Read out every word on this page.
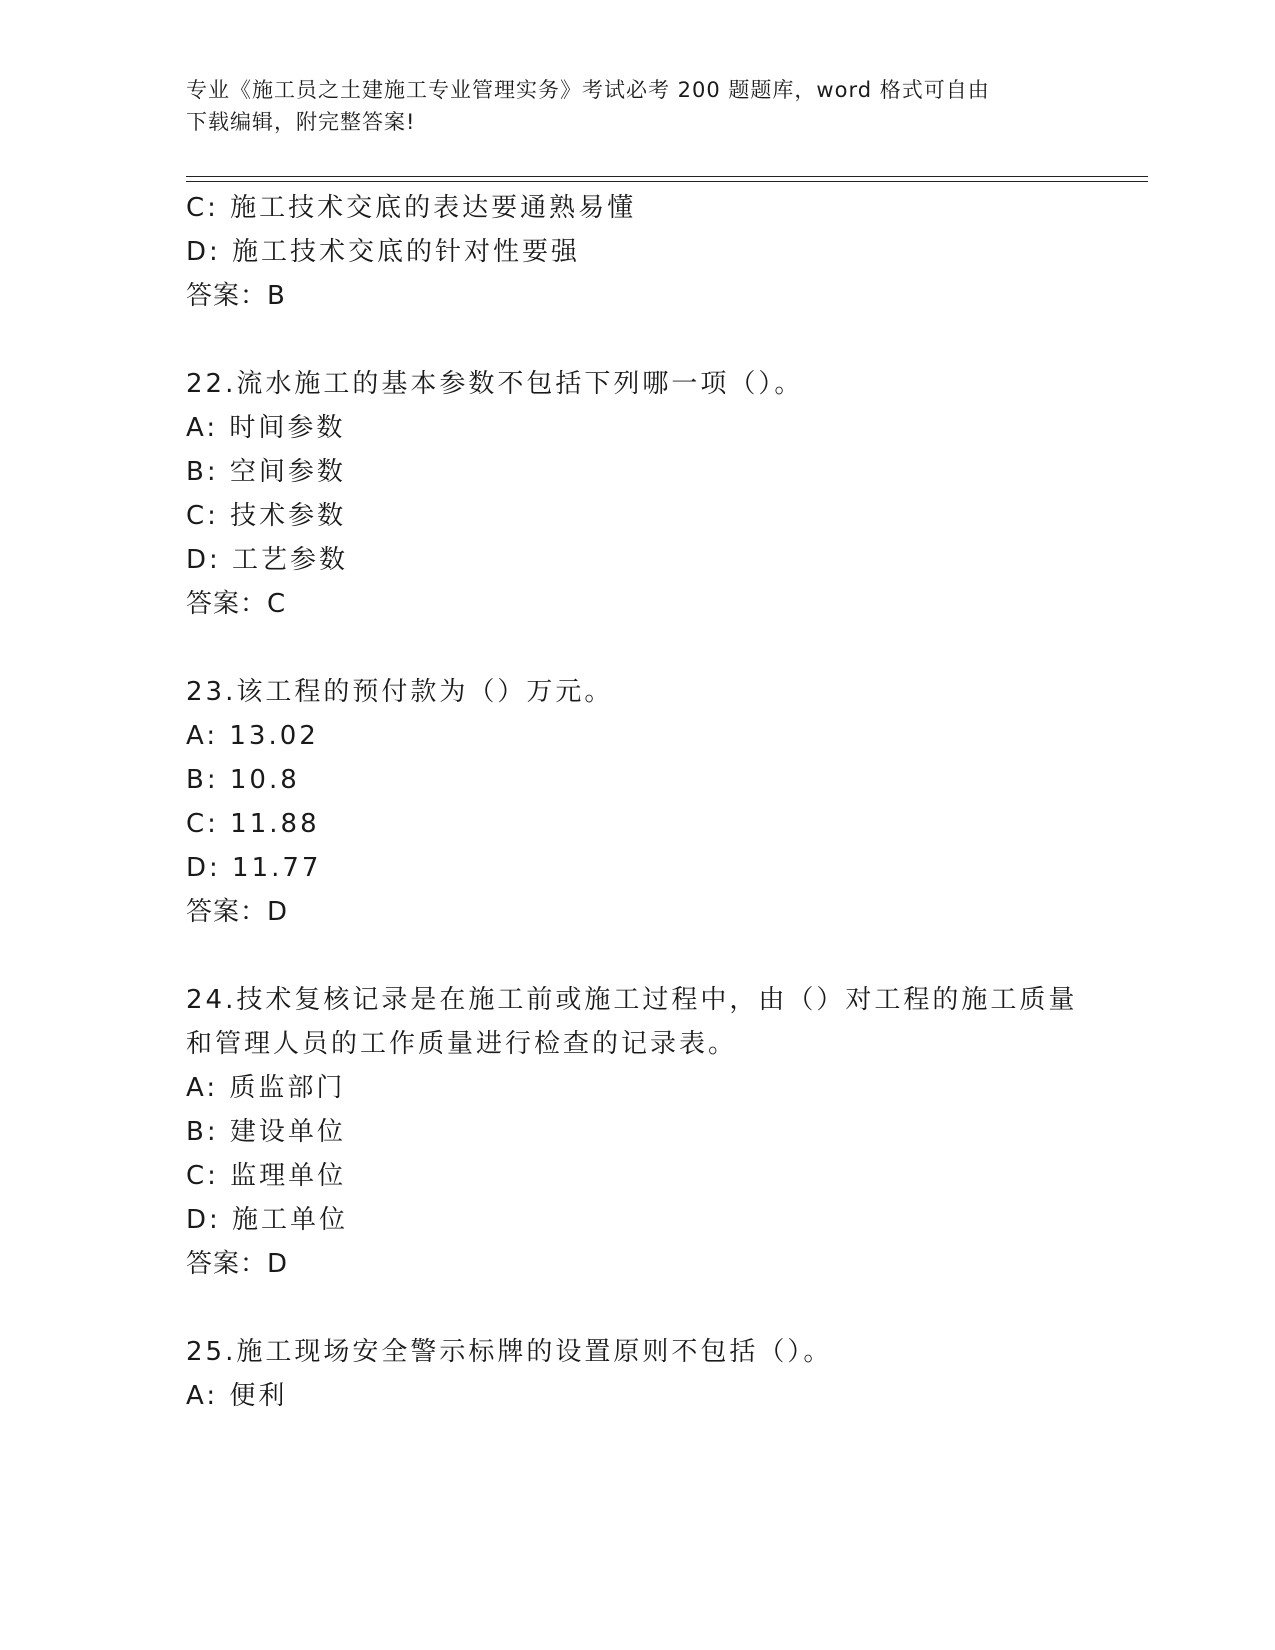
专业《施工员之土建施工专业管理实务》考试必考 200 题题库，word 格式可自由
下载编辑，附完整答案!
C: 施工技术交底的表达要通熟易懂
D: 施工技术交底的针对性要强
答案：B
22.流水施工的基本参数不包括下列哪一项（）。
A: 时间参数
B: 空间参数
C: 技术参数
D: 工艺参数
答案：C
23.该工程的预付款为（）万元。
A: 13.02
B: 10.8
C: 11.88
D: 11.77
答案：D
24.技术复核记录是在施工前或施工过程中，由（）对工程的施工质量
和管理人员的工作质量进行检查的记录表。
A: 质监部门
B: 建设单位
C: 监理单位
D: 施工单位
答案：D
25.施工现场安全警示标牌的设置原则不包括（）。
A: 便利
